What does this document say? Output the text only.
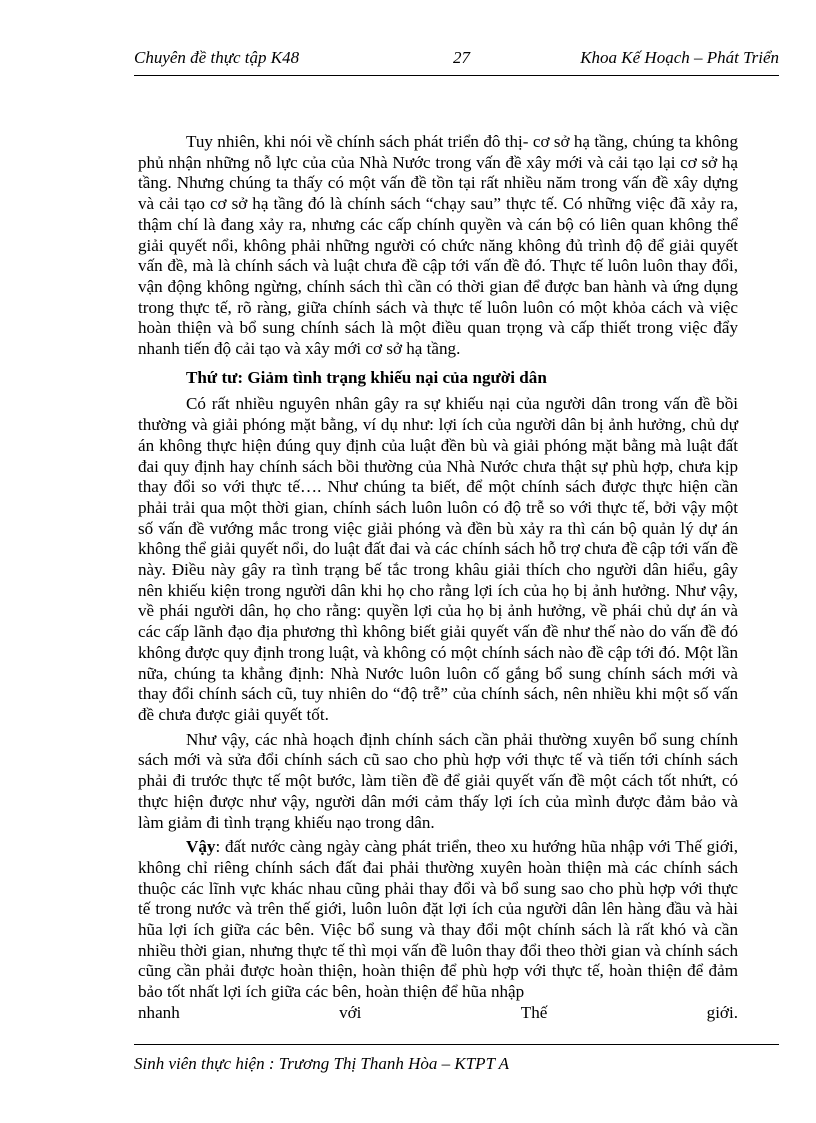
Chuyên đề thực tập K48	27	Khoa Kế Hoạch – Phát Triển

Tuy nhiên, khi nói về chính sách phát triển đô thị- cơ sở hạ tầng, chúng ta không phủ nhận những nỗ lực của của Nhà Nước trong vấn đề xây mới và cải tạo lại cơ sở hạ tầng. Nhưng chúng ta thấy có một vấn đề tồn tại rất nhiều năm trong vấn đề xây dựng và cải tạo cơ sở hạ tầng đó là chính sách “chạy sau” thực tế. Có những việc đã xảy ra, thậm chí là đang xảy ra, nhưng các cấp chính quyền và cán bộ có liên quan không thể giải quyết nổi, không phải những người có chức năng không đủ trình độ để giải quyết vấn đề, mà là chính sách và luật chưa đề cập tới vấn đề đó. Thực tế luôn luôn thay đổi, vận động không ngừng, chính sách thì cần có thời gian để được ban hành và ứng dụng trong thực tế, rõ ràng, giữa chính sách và thực tế luôn luôn có một khỏa cách và việc hoàn thiện và bổ sung chính sách là một điều quan trọng và cấp thiết trong việc đẩy nhanh tiến độ cải tạo và xây mới cơ sở hạ tầng.

Thứ tư: Giảm tình trạng khiếu nại của người dân

Có rất nhiều nguyên nhân gây ra sự khiếu nại của người dân trong vấn đề bồi thường và giải phóng mặt bằng, ví dụ như: lợi ích của người dân bị ảnh hưởng, chủ dự án không thực hiện đúng quy định của luật đền bù và giải phóng mặt bằng mà luật đất đai quy định hay chính sách bồi thường của Nhà Nước chưa thật sự phù hợp, chưa kịp thay đổi so với thực tế…. Như chúng ta biết, để một chính sách được thực hiện cần phải trải qua một thời gian, chính sách luôn luôn có độ trễ so với thực tế, bởi vậy một số vấn đề vướng mắc trong việc giải phóng và đền bù xảy ra thì cán bộ quản lý dự án không thể giải quyết nổi, do luật đất đai và các chính sách hỗ trợ chưa đề cập tới vấn đề này. Điều này gây ra tình trạng bế tắc trong khâu giải thích cho người dân hiểu, gây nên khiếu kiện trong người dân khi họ cho rằng lợi ích của họ bị ảnh hưởng. Như vậy, về phái người dân, họ cho rằng: quyền lợi của họ bị ảnh hưởng, về phái chủ dự án và các cấp lãnh đạo địa phương thì không biết giải quyết vấn đề như thế nào do vấn đề đó không được quy định trong luật, và không có một chính sách nào đề cập tới đó. Một lần nữa, chúng ta khẳng định: Nhà Nước luôn luôn cố gắng bổ sung chính sách mới và thay đổi chính sách cũ, tuy nhiên do “độ trễ” của chính sách, nên nhiều khi một số vấn đề chưa được giải quyết tốt.

Như vậy, các nhà hoạch định chính sách cần phải thường xuyên bổ sung chính sách mới và sửa đổi chính sách cũ sao cho phù hợp với thực tế và tiến tới chính sách phải đi trước thực tế một bước, làm tiền đề để giải quyết vấn đề một cách tốt nhứt, có thực hiện được như vậy, người dân mới cảm thấy lợi ích của mình được đảm bảo và làm giảm đi tình trạng khiếu nạo trong dân.

Vậy: đất nước càng ngày càng phát triển, theo xu hướng hũa nhập với Thế giới, không chỉ riêng chính sách đất đai phải thường xuyên hoàn thiện mà các chính sách thuộc các lĩnh vực khác nhau cũng phải thay đổi và bổ sung sao cho phù hợp với thực tế trong nước và trên thế giới, luôn luôn đặt lợi ích của người dân lên hàng đầu và hài hũa lợi ích giữa các bên. Việc bổ sung và thay đổi một chính sách là rất khó và cần nhiều thời gian, nhưng thực tế thì mọi vấn đề luôn thay đổi theo thời gian và chính sách cũng cần phải được hoàn thiện, hoàn thiện để phù hợp với thực tế, hoàn thiện để đảm bảo tốt nhất lợi ích giữa các bên, hoàn thiện để hũa nhập

nhanh	với	Thế	giới.
Sinh viên thực hiện : Trương Thị Thanh Hòa – KTPT A
